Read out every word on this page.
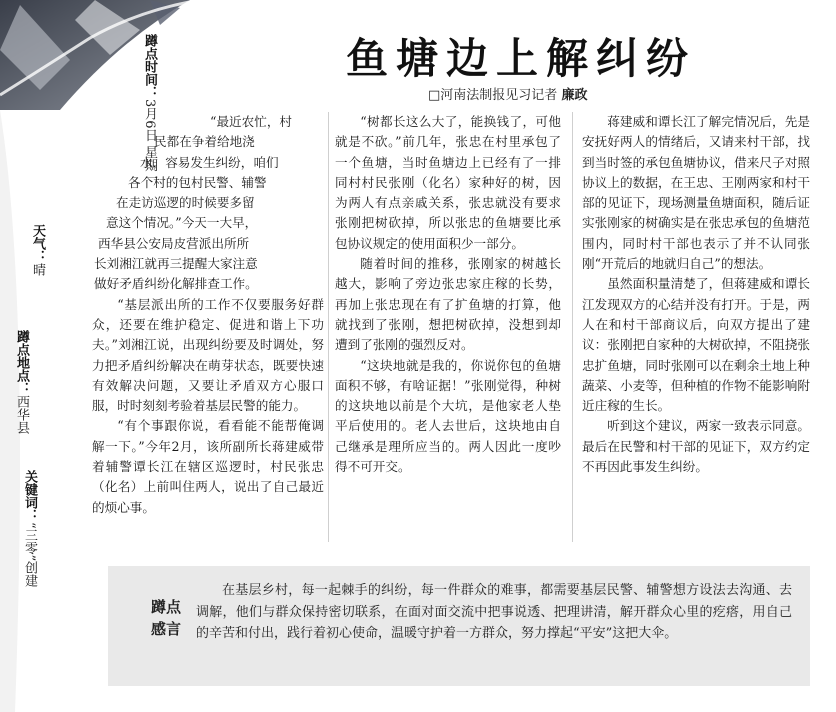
鱼塘边上解纠纷
□河南法制报见习记者 廉政
蹲点时间：3月6日 星期一
天气：晴
蹲点地点：西华县
关键词：“三零”创建
“最近农忙，村
民都在争着给地浇
水，容易发生纠纷，咱们
各个村的包村民警、辅警
在走访巡逻的时候要多留
意这个情况。”今天一大早，
西华县公安局皮营派出所所
长刘湘江就再三提醒大家注意
做好矛盾纠纷化解排查工作。

“基层派出所的工作不仅要服务好群众，还要在维护稳定、促进和谐上下功夫。”刘湘江说，出现纠纷要及时调处，努力把矛盾纠纷解决在萌芽状态，既要快速有效解决问题，又要让矛盾双方心服口服，时时刻刻考验着基层民警的能力。

“有个事跟你说，看看能不能帮俺调解一下。”今年2月，该所副所长蒋建威带着辅警谭长江在辖区巡逻时，村民张忠（化名）上前叫住两人，说出了自己最近的烦心事。

“树都长这么大了，能换钱了，可他就是不砍。”前几年，张忠在村里承包了一个鱼塘，当时鱼塘边上已经有了一排同村村民张刚（化名）家种好的树，因为两人有点亲戚关系，张忠就没有要求张刚把树砍掉，所以张忠的鱼塘要比承包协议规定的使用面积少一部分。

随着时间的推移，张刚家的树越长越大，影响了旁边张忠家庄稼的长势，再加上张忠现在有了扩鱼塘的打算，他就找到了张刚，想把树砍掉，没想到却遭到了张刚的强烈反对。

“这块地就是我的，你说你包的鱼塘面积不够，有啥证据！”张刚觉得，种树的这块地以前是个大坑，是他家老人垫平后使用的。老人去世后，这块地由自己继承是理所应当的。两人因此一度吵得不可开交。

蒋建威和谭长江了解完情况后，先是安抚好两人的情绪后，又请来村干部，找到当时签的承包鱼塘协议，借来尺子对照协议上的数据，在王忠、王刚两家和村干部的见证下，现场测量鱼塘面积，随后证实张刚家的树确实是在张忠承包的鱼塘范围内，同时村干部也表示了并不认同张刚“开荒后的地就归自己”的想法。

虽然面积量清楚了，但蒋建威和谭长江发现双方的心结并没有打开。于是，两人在和村干部商议后，向双方提出了建议：张刚把自家种的大树砍掉，不阻挠张忠扩鱼塘，同时张刚可以在剩余土地上种蔬菜、小麦等，但种植的作物不能影响附近庄稼的生长。

听到这个建议，两家一致表示同意。最后在民警和村干部的见证下，双方约定不再因此事发生纠纷。

蹲点
感言

在基层乡村，每一起棘手的纠纷，每一件群众的难事，都需要基层民警、辅警想方设法去沟通、去调解，他们与群众保持密切联系，在面对面交流中把事说透、把理讲清，解开群众心里的疙瘩，用自己的辛苦和付出，践行着初心使命，温暖守护着一方群众，努力撑起“平安”这把大伞。
